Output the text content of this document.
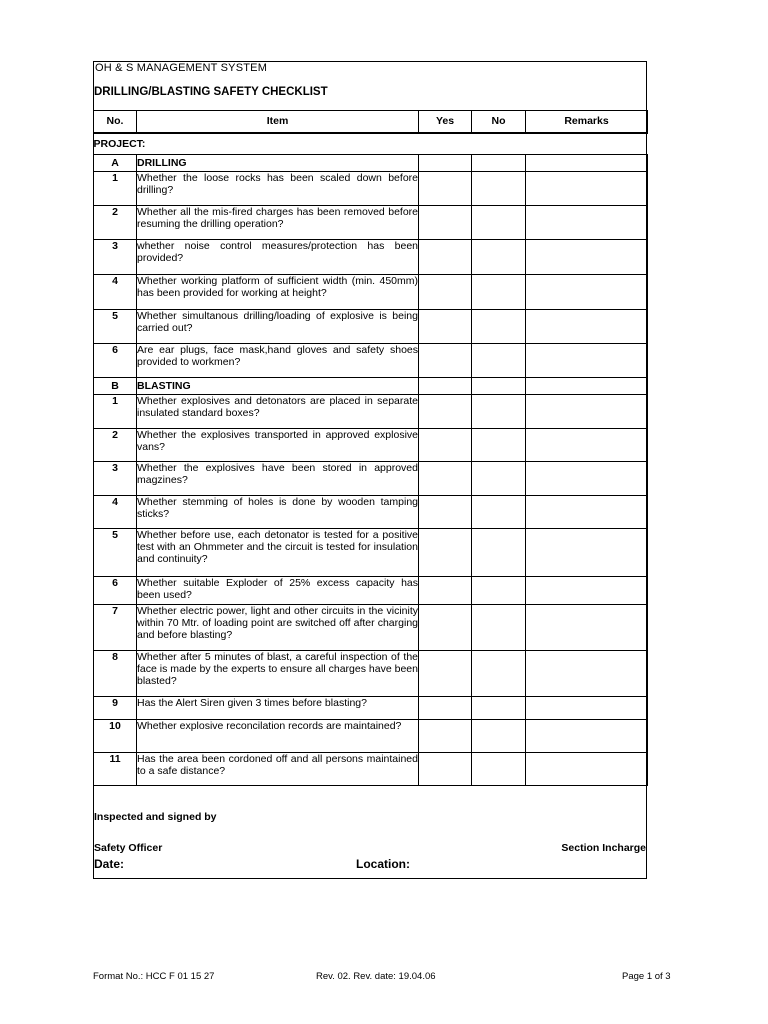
OH & S MANAGEMENT SYSTEM
DRILLING/BLASTING SAFETY CHECKLIST
No.	Item	Yes	No	Remarks
PROJECT:				
A	DRILLING			
1	Whether the loose rocks has been scaled down before drilling?			
2	Whether all the mis-fired charges has been removed before resuming the drilling operation?			
3	whether noise control measures/protection has been provided?			
4	Whether working platform of sufficient width (min. 450mm) has been provided for working at height?			
5	Whether simultanous drilling/loading of explosive is being carried out?			
6	Are ear plugs, face mask,hand gloves and safety shoes provided to workmen?			
B	BLASTING			
1	Whether explosives and detonators are placed in separate insulated standard boxes?			
2	Whether the explosives transported in approved explosive vans?			
3	Whether the explosives have been stored in approved magzines?			
4	Whether stemming of holes is done by wooden tamping sticks?			
5	Whether before use, each detonator is tested for a positive test with an Ohmmeter and the circuit is tested for insulation and continuity?			
6	Whether suitable Exploder of 25% excess capacity has been used?			
7	Whether electric power, light and other circuits in the vicinity within 70 Mtr. of loading point are switched off after charging and before blasting?			
8	Whether after 5 minutes of blast, a careful inspection of the face is made by the experts to ensure all charges have been blasted?			
9	Has the Alert Siren given 3 times before blasting?			
10	Whether explosive reconcilation records are maintained?			
11	Has the area been cordoned off and all persons maintained to a safe distance?			
Inspected and signed by
Safety Officer	Section Incharge
Date:	Location:
Format No.: HCC F 01 15 27	Rev. 02. Rev. date: 19.04.06	Page 1 of 3
